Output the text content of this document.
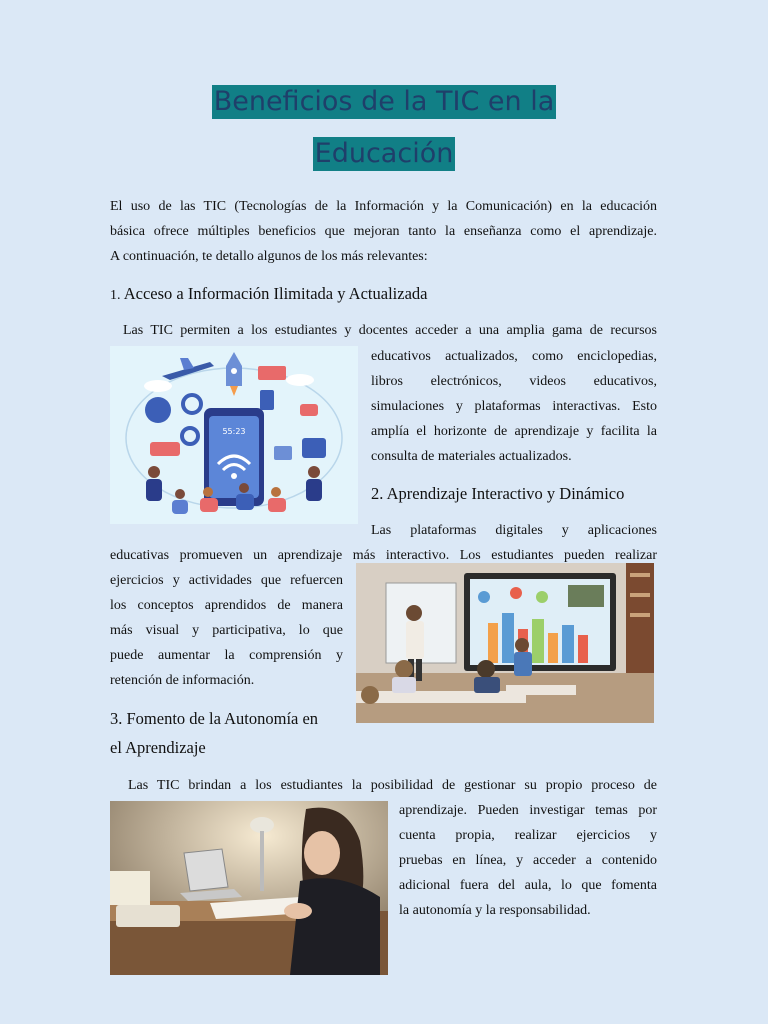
Beneficios de la TIC en la
Educación
El uso de las TIC (Tecnologías de la Información y la Comunicación) en la educación
básica ofrece múltiples beneficios que mejoran tanto la enseñanza como el aprendizaje.
A continuación, te detallo algunos de los más relevantes:
1. Acceso a Información Ilimitada y Actualizada
Las TIC permiten a los estudiantes y docentes acceder a una amplia gama de recursos
educativos actualizados, como enciclopedias,
libros electrónicos, videos educativos,
simulaciones y plataformas interactivas. Esto
amplía el horizonte de aprendizaje y facilita la
consulta de materiales actualizados.
55:23
2. Aprendizaje Interactivo y Dinámico
Las plataformas digitales y aplicaciones
educativas promueven un aprendizaje más interactivo. Los estudiantes pueden realizar
ejercicios y actividades que refuercen
los conceptos aprendidos de manera
más visual y participativa, lo que
puede aumentar la comprensión y
retención de información.
3. Fomento de la Autonomía en
el Aprendizaje
Las TIC brindan a los estudiantes la posibilidad de gestionar su propio proceso de
aprendizaje. Pueden investigar temas por
cuenta propia, realizar ejercicios y
pruebas en línea, y acceder a contenido
adicional fuera del aula, lo que fomenta
la autonomía y la responsabilidad.
